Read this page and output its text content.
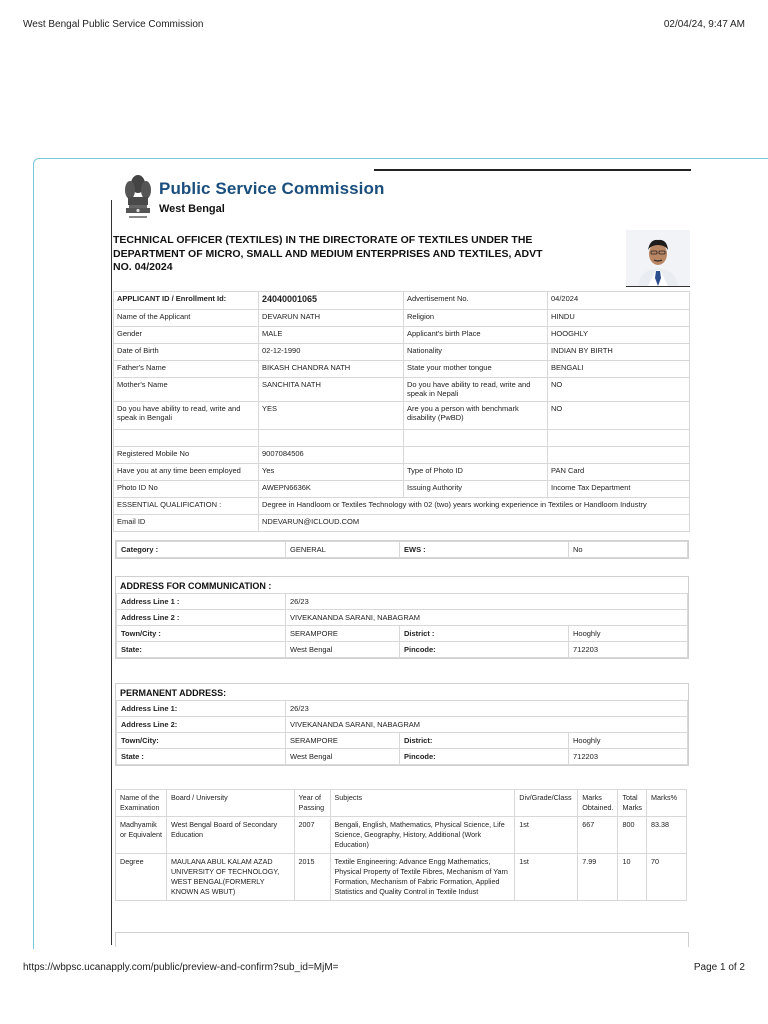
West Bengal Public Service Commission	02/04/24, 9:47 AM
Public Service Commission
West Bengal
TECHNICAL OFFICER (TEXTILES) IN THE DIRECTORATE OF TEXTILES UNDER THE DEPARTMENT OF MICRO, SMALL AND MEDIUM ENTERPRISES AND TEXTILES, ADVT NO. 04/2024
APPLICANT ID / Enrollment Id:	24040001065	Advertisement No.	04/2024
Name of the Applicant	DEVARUN NATH	Religion	HINDU
Gender	MALE	Applicant's birth Place	HOOGHLY
Date of Birth	02-12-1990	Nationality	INDIAN BY BIRTH
Father's Name	BIKASH CHANDRA NATH	State your mother tongue	BENGALI
Mother's Name	SANCHITA NATH	Do you have ability to read, write and speak in Nepali	NO
Do you have ability to read, write and speak in Bengali	YES	Are you a person with benchmark disability (PwBD)	NO

Registered Mobile No	9007084506		
Have you at any time been employed	Yes	Type of Photo ID	PAN Card
Photo ID No	AWEPN6636K	Issuing Authority	Income Tax Department
ESSENTIAL QUALIFICATION :	Degree in Handloom or Textiles Technology with 02 (two) years working experience in Textiles or Handloom Industry		
Email ID	NDEVARUN@ICLOUD.COM		
Category :	GENERAL	EWS :	No
ADDRESS FOR COMMUNICATION :
Address Line 1 :	26/23		
Address Line 2 :	VIVEKANANDA SARANI, NABAGRAM		
Town/City :	SERAMPORE	District :	Hooghly
State:	West Bengal	Pincode:	712203
PERMANENT ADDRESS:
Address Line 1:	26/23		
Address Line 2:	VIVEKANANDA SARANI, NABAGRAM		
Town/City:	SERAMPORE	District:	Hooghly
State :	West Bengal	Pincode:	712203
Name of the Examination	Board / University	Year of Passing	Subjects	Div/Grade/Class	Marks Obtained.	Total Marks	Marks%
Madhyamik or Equivalent	West Bengal Board of Secondary Education	2007	Bengali, English, Mathematics, Physical Science, Life Science, Geography, History, Additional (Work Education)	1st	667	800	83.38
Degree	MAULANA ABUL KALAM AZAD UNIVERSITY OF TECHNOLOGY, WEST BENGAL(FORMERLY KNOWN AS WBUT)	2015	Textile Engineering: Advance Engg Mathematics, Physical Property of Textile Fibres, Mechanism of Yarn Formation, Mechanism of Fabric Formation, Applied Statistics and Quality Control in Textile Indust	1st	7.99	10	70
https://wbpsc.ucanapply.com/public/preview-and-confirm?sub_id=MjM=	Page 1 of 2
